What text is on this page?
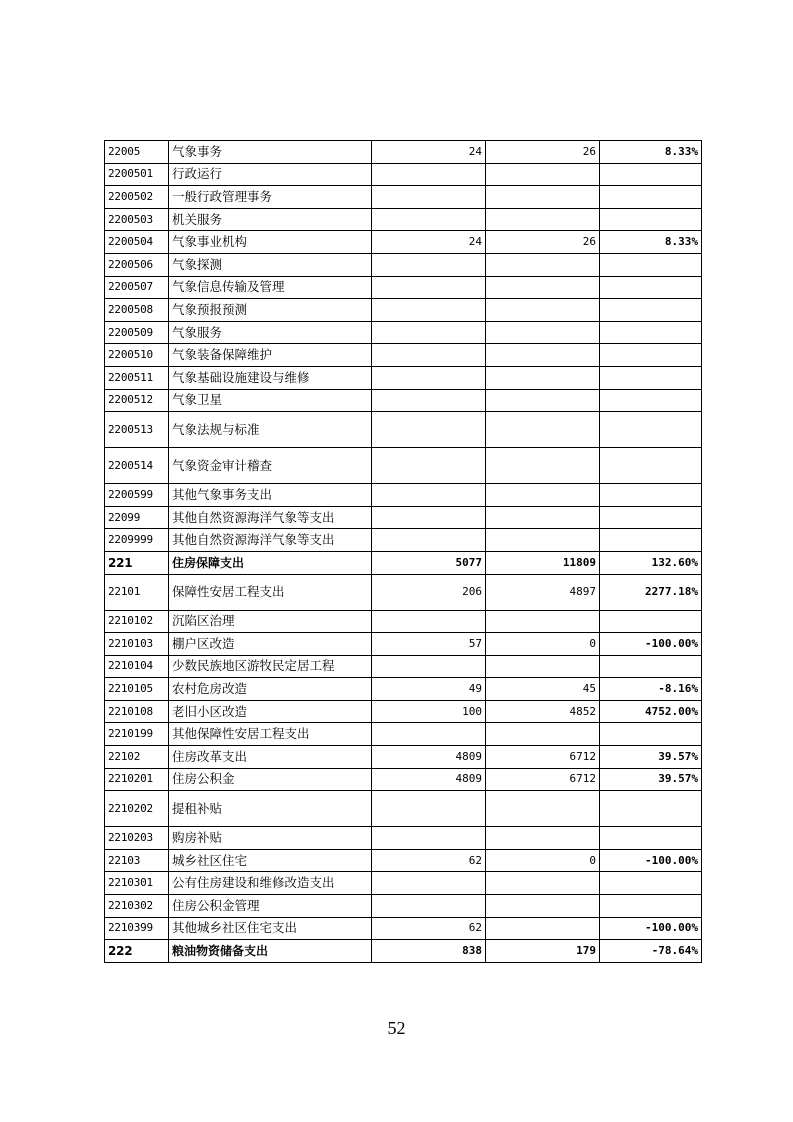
22005	气象事务	24	26	8.33%
2200501	行政运行			
2200502	一般行政管理事务			
2200503	机关服务			
2200504	气象事业机构	24	26	8.33%
2200506	气象探测			
2200507	气象信息传输及管理			
2200508	气象预报预测			
2200509	气象服务			
2200510	气象装备保障维护			
2200511	气象基础设施建设与维修			
2200512	气象卫星			
2200513	气象法规与标准			
2200514	气象资金审计稽查			
2200599	其他气象事务支出			
22099	其他自然资源海洋气象等支出			
2209999	其他自然资源海洋气象等支出			
221	住房保障支出	5077	11809	132.60%
22101	保障性安居工程支出	206	4897	2277.18%
2210102	沉陷区治理			
2210103	棚户区改造	57	0	-100.00%
2210104	少数民族地区游牧民定居工程			
2210105	农村危房改造	49	45	-8.16%
2210108	老旧小区改造	100	4852	4752.00%
2210199	其他保障性安居工程支出			
22102	住房改革支出	4809	6712	39.57%
2210201	住房公积金	4809	6712	39.57%
2210202	提租补贴			
2210203	购房补贴			
22103	城乡社区住宅	62	0	-100.00%
2210301	公有住房建设和维修改造支出			
2210302	住房公积金管理			
2210399	其他城乡社区住宅支出	62		-100.00%
222	粮油物资储备支出	838	179	-78.64%
52
